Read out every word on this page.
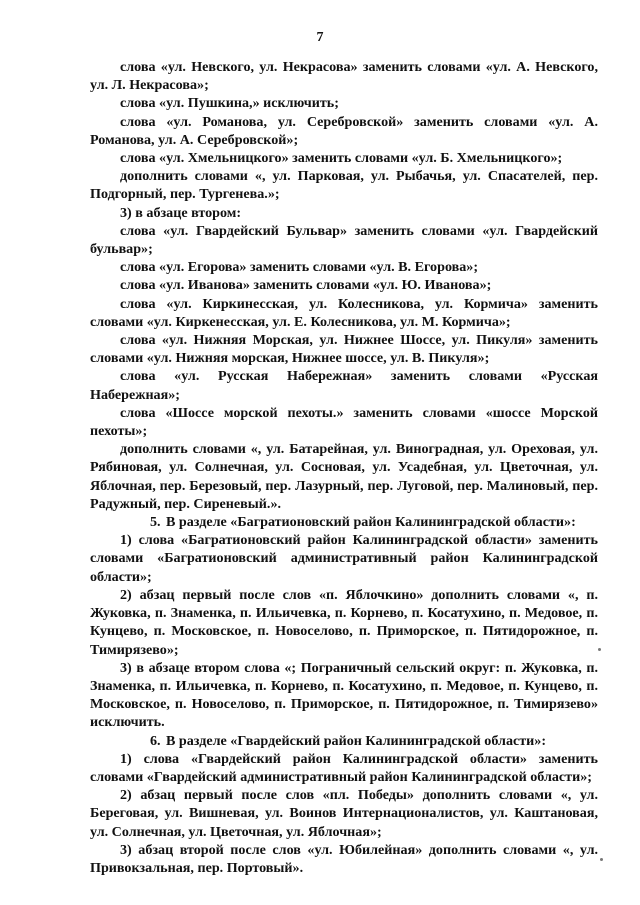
7

слова «ул. Невского, ул. Некрасова» заменить словами «ул. А. Невского, ул. Л. Некрасова»;

слова «ул. Пушкина,» исключить;

слова «ул. Романова, ул. Серебровской» заменить словами «ул. А. Романова, ул. А. Серебровской»;

слова «ул. Хмельницкого» заменить словами «ул. Б. Хмельницкого»;

дополнить словами «, ул. Парковая, ул. Рыбачья, ул. Спасателей, пер. Подгорный, пер. Тургенева.»;

3) в абзаце втором:

слова «ул. Гвардейский Бульвар» заменить словами «ул. Гвардейский бульвар»;

слова «ул. Егорова» заменить словами «ул. В. Егорова»;

слова «ул. Иванова» заменить словами «ул. Ю. Иванова»;

слова «ул. Киркинесская, ул. Колесникова, ул. Кормича» заменить словами «ул. Киркенесская, ул. Е. Колесникова, ул. М. Кормича»;

слова «ул. Нижняя Морская, ул. Нижнее Шоссе, ул. Пикуля» заменить словами «ул. Нижняя морская, Нижнее шоссе, ул. В. Пикуля»;

слова «ул. Русская Набережная» заменить словами «Русская Набережная»;

слова «Шоссе морской пехоты.» заменить словами «шоссе Морской пехоты»;

дополнить словами «, ул. Батарейная, ул. Виноградная, ул. Ореховая, ул. Рябиновая, ул. Солнечная, ул. Сосновая, ул. Усадебная, ул. Цветочная, ул. Яблочная, пер. Березовый, пер. Лазурный, пер. Луговой, пер. Малиновый, пер. Радужный, пер. Сиреневый.».

5. В разделе «Багратионовский район Калининградской области»:

1) слова «Багратионовский район Калининградской области» заменить словами «Багратионовский административный район Калининградской области»;

2) абзац первый после слов «п. Яблочкино» дополнить словами «, п. Жуковка, п. Знаменка, п. Ильичевка, п. Корнево, п. Косатухино, п. Медовое, п. Кунцево, п. Московское, п. Новоселово, п. Приморское, п. Пятидорожное, п. Тимирязево»;

3) в абзаце втором слова «; Пограничный сельский округ: п. Жуковка, п. Знаменка, п. Ильичевка, п. Корнево, п. Косатухино, п. Медовое, п. Кунцево, п. Московское, п. Новоселово, п. Приморское, п. Пятидорожное, п. Тимирязево» исключить.

6. В разделе «Гвардейский район Калининградской области»:

1) слова «Гвардейский район Калининградской области» заменить словами «Гвардейский административный район Калининградской области»;

2) абзац первый после слов «пл. Победы» дополнить словами «, ул. Береговая, ул. Вишневая, ул. Воинов Интернационалистов, ул. Каштановая, ул. Солнечная, ул. Цветочная, ул. Яблочная»;

3) абзац второй после слов «ул. Юбилейная» дополнить словами «, ул. Привокзальная, пер. Портовый».
